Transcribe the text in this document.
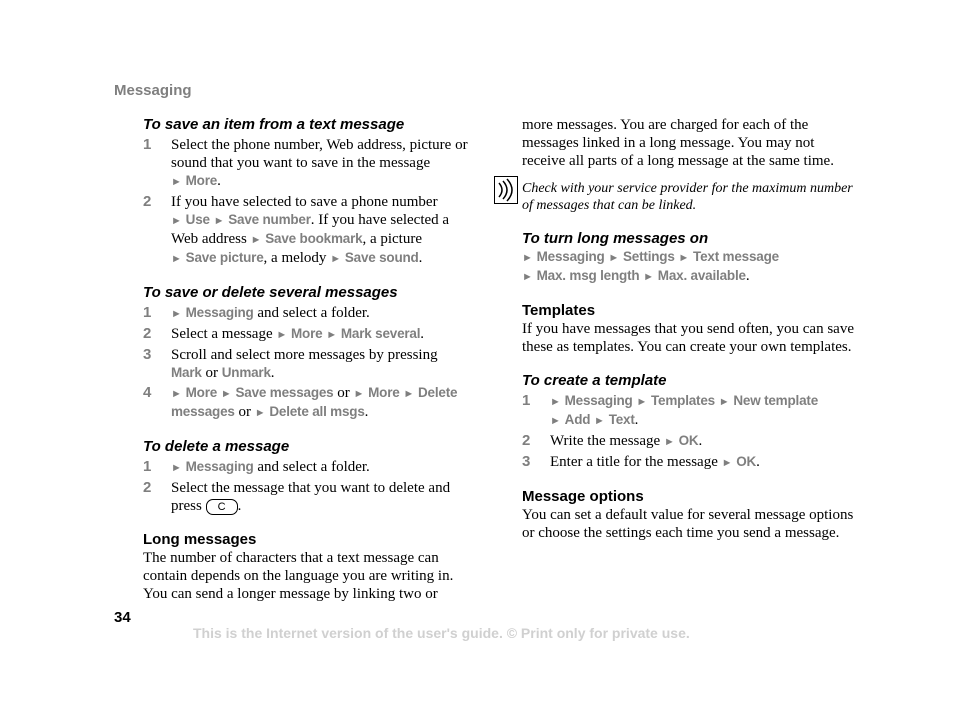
Messaging
To save an item from a text message
1 Select the phone number, Web address, picture or sound that you want to save in the message
► More.
2 If you have selected to save a phone number
► Use ► Save number. If you have selected a Web address ► Save bookmark, a picture
► Save picture, a melody ► Save sound.
To save or delete several messages
1 ► Messaging and select a folder.
2 Select a message ► More ► Mark several.
3 Scroll and select more messages by pressing
Mark or Unmark.
4 ► More ► Save messages or ► More ► Delete messages or ► Delete all msgs.
To delete a message
1 ► Messaging and select a folder.
2 Select the message that you want to delete and press C .
Long messages
The number of characters that a text message can contain depends on the language you are writing in. You can send a longer message by linking two or
more messages. You are charged for each of the messages linked in a long message. You may not receive all parts of a long message at the same time.
Check with your service provider for the maximum number of messages that can be linked.
To turn long messages on
► Messaging ► Settings ► Text message
► Max. msg length ► Max. available.
Templates
If you have messages that you send often, you can save these as templates. You can create your own templates.
To create a template
1 ► Messaging ► Templates ► New template
► Add ► Text.
2 Write the message ► OK.
3 Enter a title for the message ► OK.
Message options
You can set a default value for several message options or choose the settings each time you send a message.
34
This is the Internet version of the user's guide. © Print only for private use.
